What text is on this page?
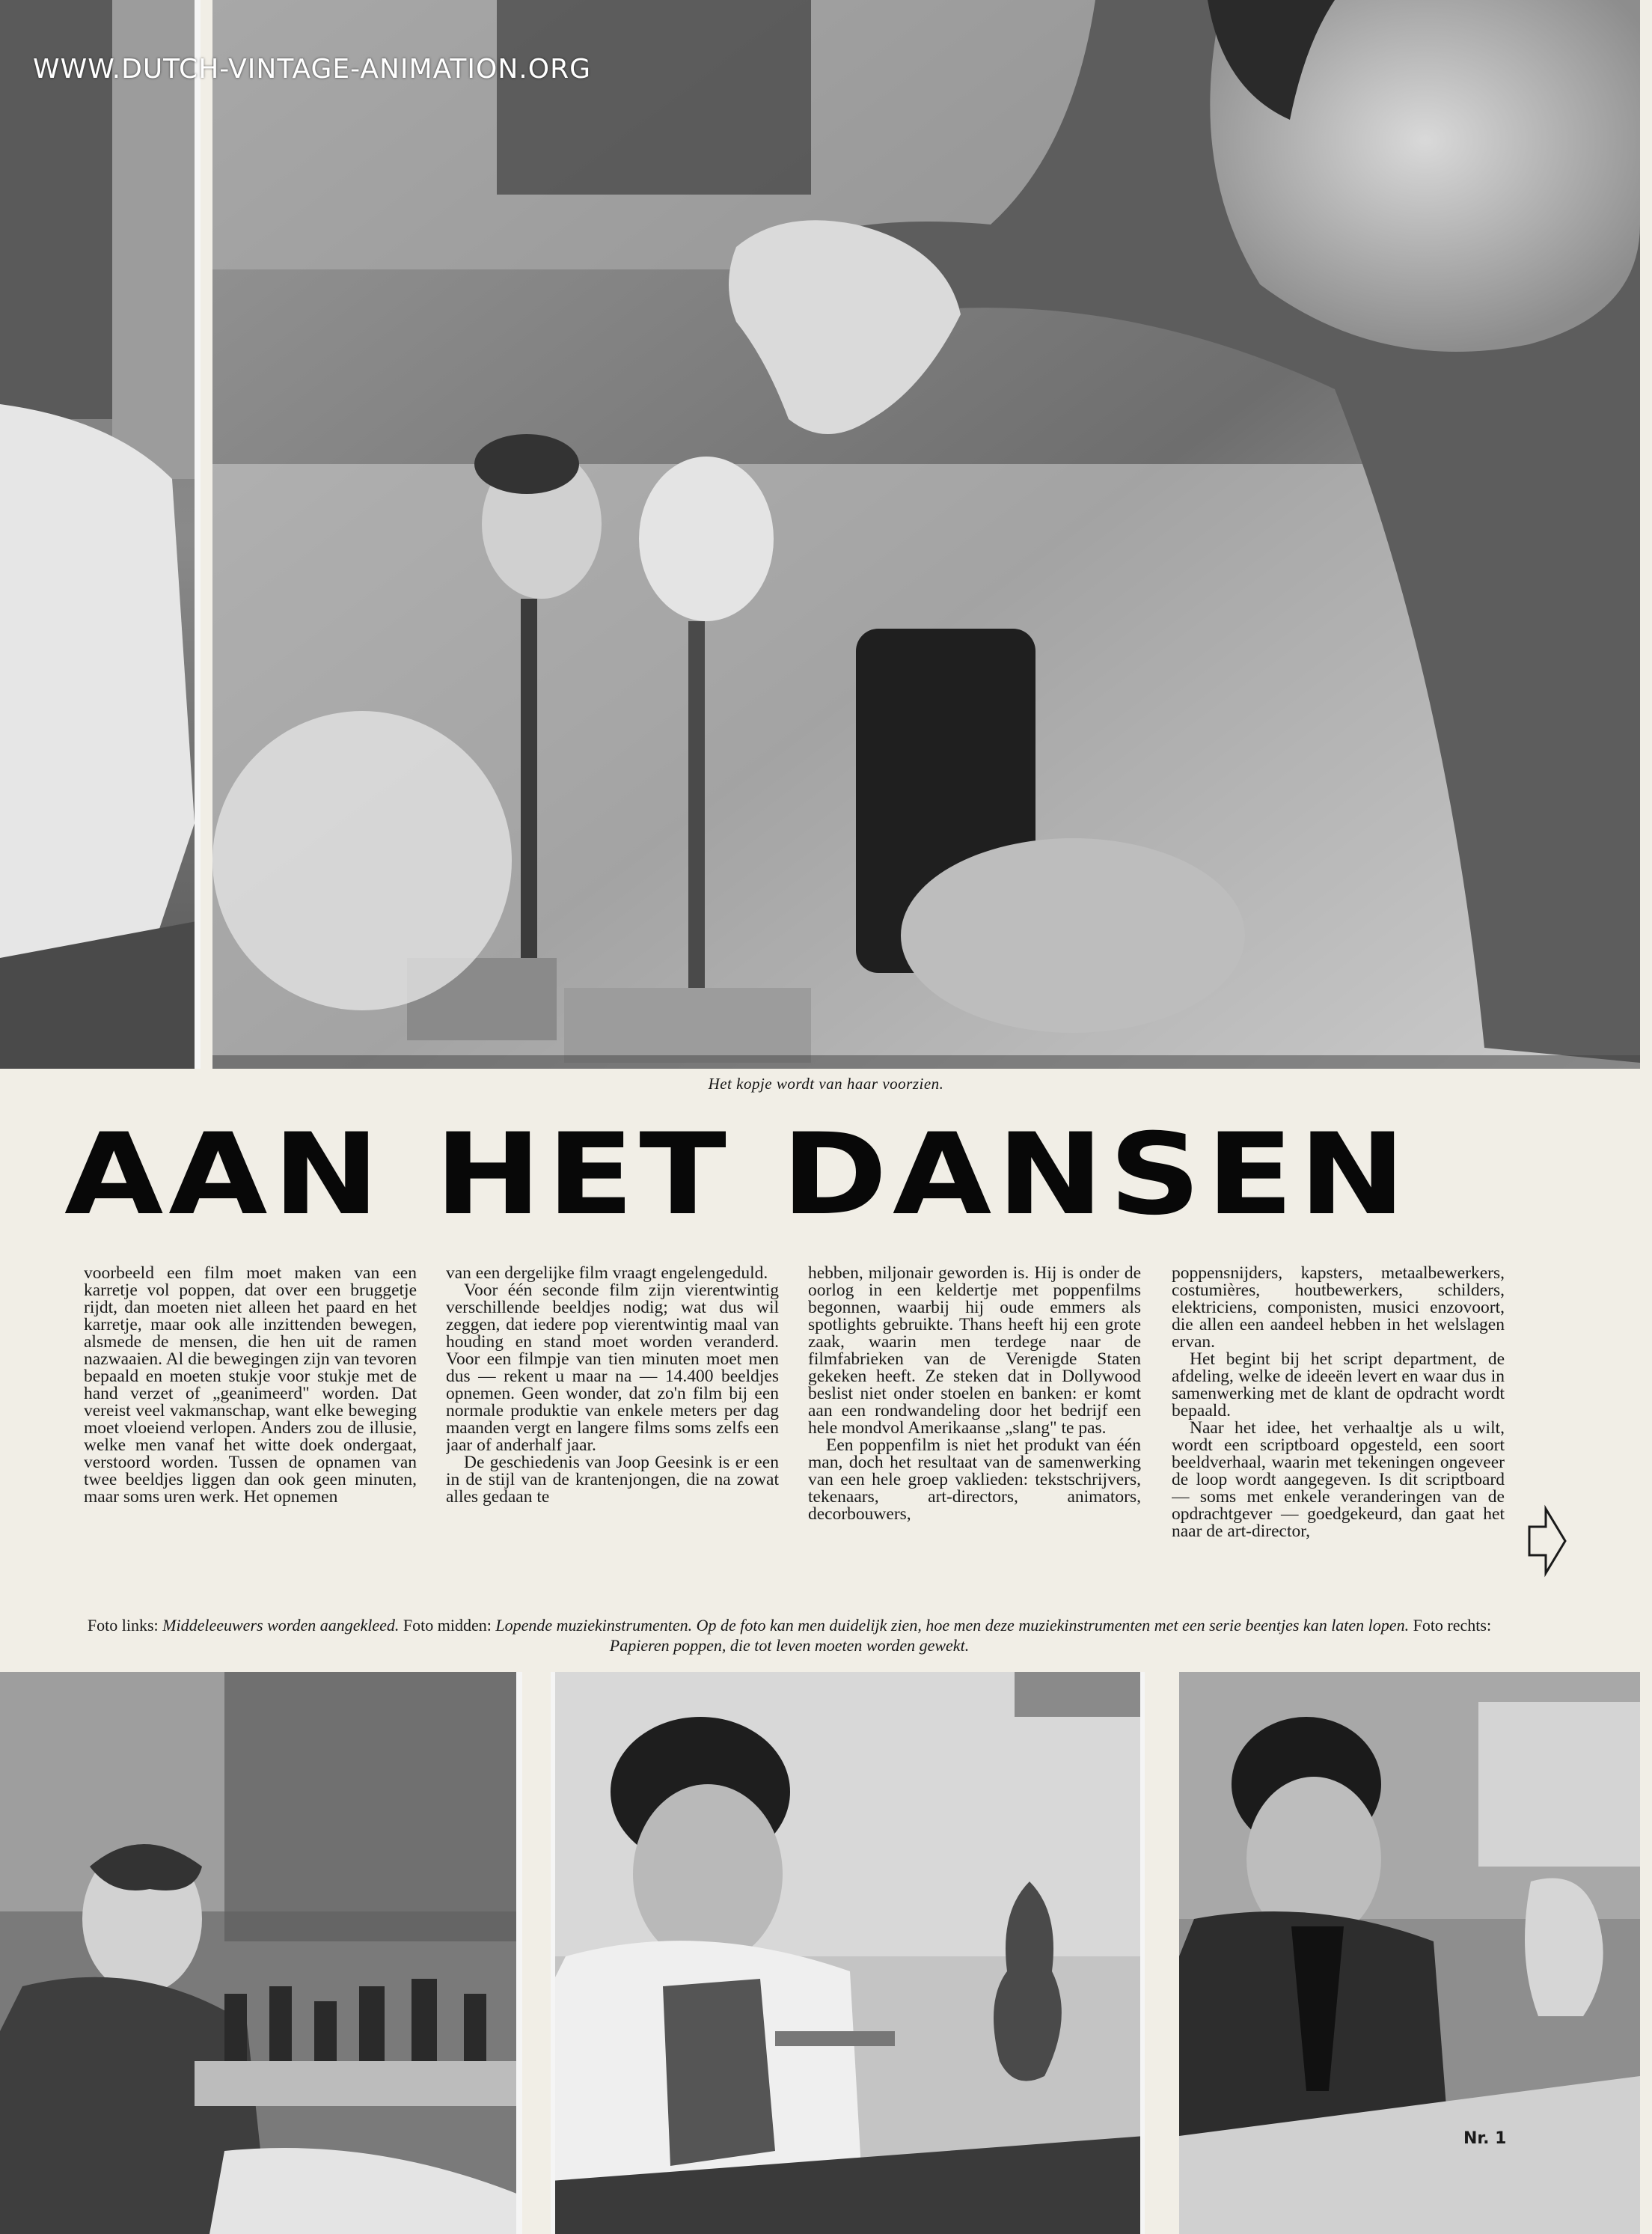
WWW.DUTCH-VINTAGE-ANIMATION.ORG
Het kopje wordt van haar voorzien.
AAN HET DANSEN

voorbeeld een film moet maken van een karretje vol poppen, dat over een bruggetje rijdt, dan moeten niet alleen het paard en het karretje, maar ook alle inzittenden bewegen, alsmede de mensen, die hen uit de ramen nazwaaien. Al die bewegingen zijn van tevoren bepaald en moeten stukje voor stukje met de hand verzet of „geanimeerd" worden. Dat vereist veel vakmanschap, want elke beweging moet vloeiend verlopen. Anders zou de illusie, welke men vanaf het witte doek ondergaat, verstoord worden. Tussen de opnamen van twee beeldjes liggen dan ook geen minuten, maar soms uren werk. Het opnemen

van een dergelijke film vraagt engelengeduld.

Voor één seconde film zijn vierentwintig verschillende beeldjes nodig; wat dus wil zeggen, dat iedere pop vierentwintig maal van houding en stand moet worden veranderd. Voor een filmpje van tien minuten moet men dus — rekent u maar na — 14.400 beeldjes opnemen. Geen wonder, dat zo'n film bij een normale produktie van enkele meters per dag maanden vergt en langere films soms zelfs een jaar of anderhalf jaar.

De geschiedenis van Joop Geesink is er een in de stijl van de krantenjongen, die na zowat alles gedaan te

hebben, miljonair geworden is. Hij is onder de oorlog in een keldertje met poppenfilms begonnen, waarbij hij oude emmers als spotlights gebruikte. Thans heeft hij een grote zaak, waarin men terdege naar de filmfabrieken van de Verenigde Staten gekeken heeft. Ze steken dat in Dollywood beslist niet onder stoelen en banken: er komt aan een rondwandeling door het bedrijf een hele mondvol Amerikaanse „slang" te pas.

Een poppenfilm is niet het produkt van één man, doch het resultaat van de samenwerking van een hele groep vaklieden: tekstschrijvers, tekenaars, art-directors, animators, decorbouwers,

poppensnijders, kapsters, metaalbewerkers, costumières, houtbewerkers, schilders, elektriciens, componisten, musici enzovoort, die allen een aandeel hebben in het welslagen ervan.

Het begint bij het script department, de afdeling, welke de ideeën levert en waar dus in samenwerking met de klant de opdracht wordt bepaald.

Naar het idee, het verhaaltje als u wilt, wordt een scriptboard opgesteld, een soort beeldverhaal, waarin met tekeningen ongeveer de loop wordt aangegeven. Is dit scriptboard — soms met enkele veranderingen van de opdrachtgever — goedgekeurd, dan gaat het naar de art-director,

Foto links: Middeleeuwers worden aangekleed. Foto midden: Lopende muziekinstrumenten. Op de foto kan men duidelijk zien, hoe men deze muziekinstrumenten met een serie beentjes kan laten lopen. Foto rechts: Papieren poppen, die tot leven moeten worden gewekt.
Nr. 1
